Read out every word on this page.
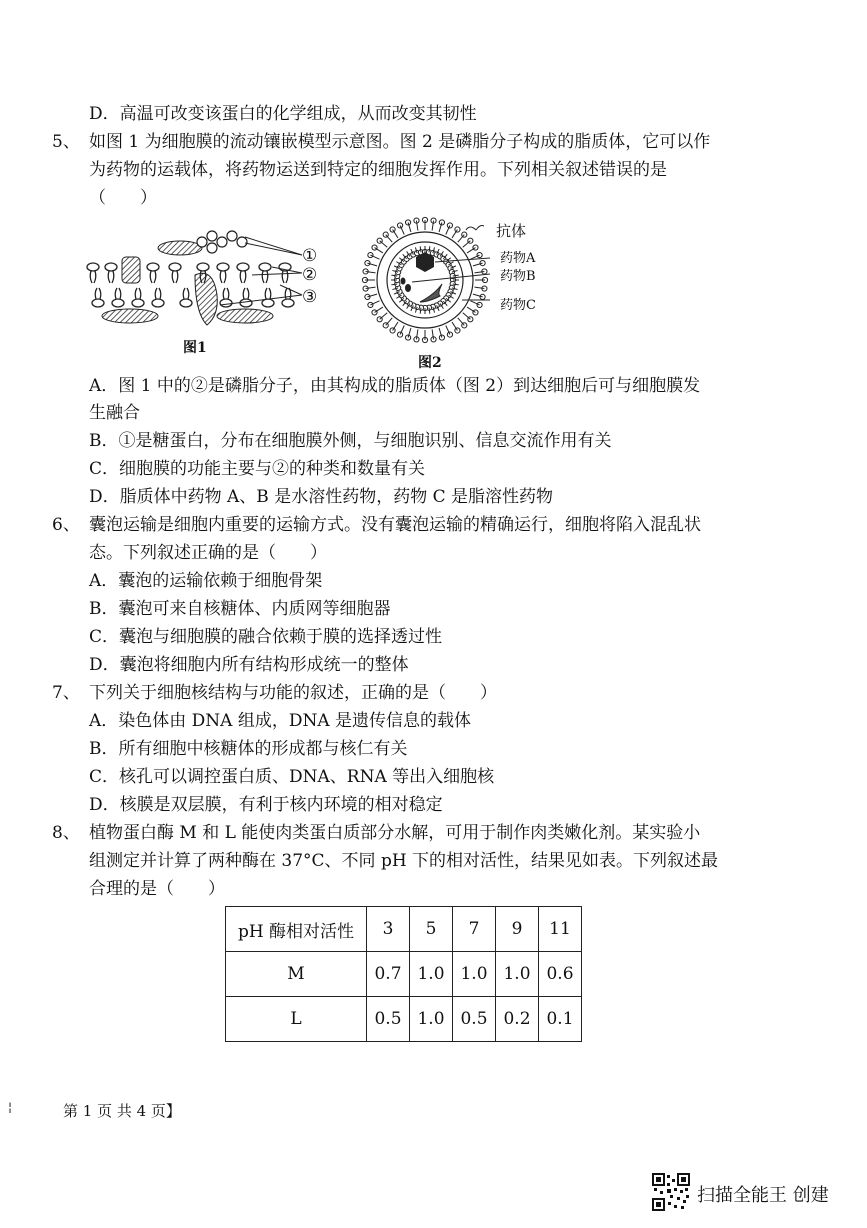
D．高温可改变该蛋白的化学组成，从而改变其韧性
5、 如图 1 为细胞膜的流动镶嵌模型示意图。图 2 是磷脂分子构成的脂质体，它可以作
为药物的运载体，将药物运送到特定的细胞发挥作用。下列相关叙述错误的是
（　　）
①
②
③
图1
抗体
药物A
药物B
药物C
图2
A．图 1 中的②是磷脂分子，由其构成的脂质体（图 2）到达细胞后可与细胞膜发
生融合
B．①是糖蛋白，分布在细胞膜外侧，与细胞识别、信息交流作用有关
C．细胞膜的功能主要与②的种类和数量有关
D．脂质体中药物 A、B 是水溶性药物，药物 C 是脂溶性药物
6、 囊泡运输是细胞内重要的运输方式。没有囊泡运输的精确运行，细胞将陷入混乱状
态。下列叙述正确的是（　　）
A．囊泡的运输依赖于细胞骨架
B．囊泡可来自核糖体、内质网等细胞器
C．囊泡与细胞膜的融合依赖于膜的选择透过性
D．囊泡将细胞内所有结构形成统一的整体
7、 下列关于细胞核结构与功能的叙述，正确的是（　　）
A．染色体由 DNA 组成，DNA 是遗传信息的载体
B．所有细胞中核糖体的形成都与核仁有关
C．核孔可以调控蛋白质、DNA、RNA 等出入细胞核
D．核膜是双层膜，有利于核内环境的相对稳定
8、 植物蛋白酶 M 和 L 能使肉类蛋白质部分水解，可用于制作肉类嫩化剂。某实验小
组测定并计算了两种酶在 37°C、不同 pH 下的相对活性，结果见如表。下列叙述最
合理的是（　　）
pH 酶相对活性	3	5	7	9	11
M	0.7	1.0	1.0	1.0	0.6
L	0.5	1.0	0.5	0.2	0.1
¦	第 1 页 共 4 页】
扫描全能王 创建
